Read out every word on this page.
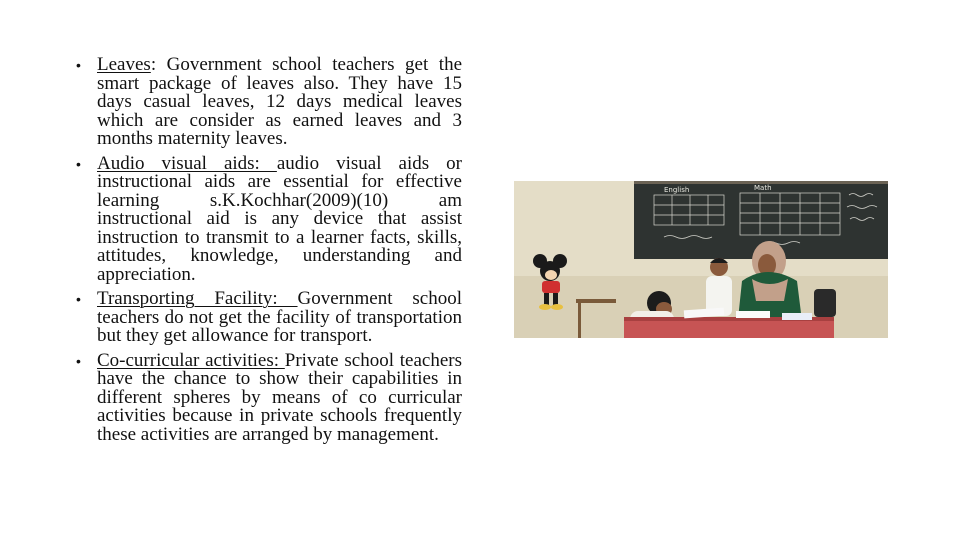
• Leaves: Government school teachers get the smart package of leaves also. They have 15 days casual leaves, 12 days medical leaves which are consider as earned leaves and 3 months maternity leaves.
• Audio visual aids: audio visual aids or instructional aids are essential for effective learning s.K.Kochhar(2009)(10) am instructional aid is any device that assist instruction to transmit to a learner facts, skills, attitudes, knowledge, understanding and appreciation.
• Transporting Facility: Government school teachers do not get the facility of transportation but they get allowance for transport.
• Co-curricular activities: Private school teachers have the chance to show their capabilities in different spheres by means of co curricular activities because in private schools frequently these activities are arranged by management.
English	Math
